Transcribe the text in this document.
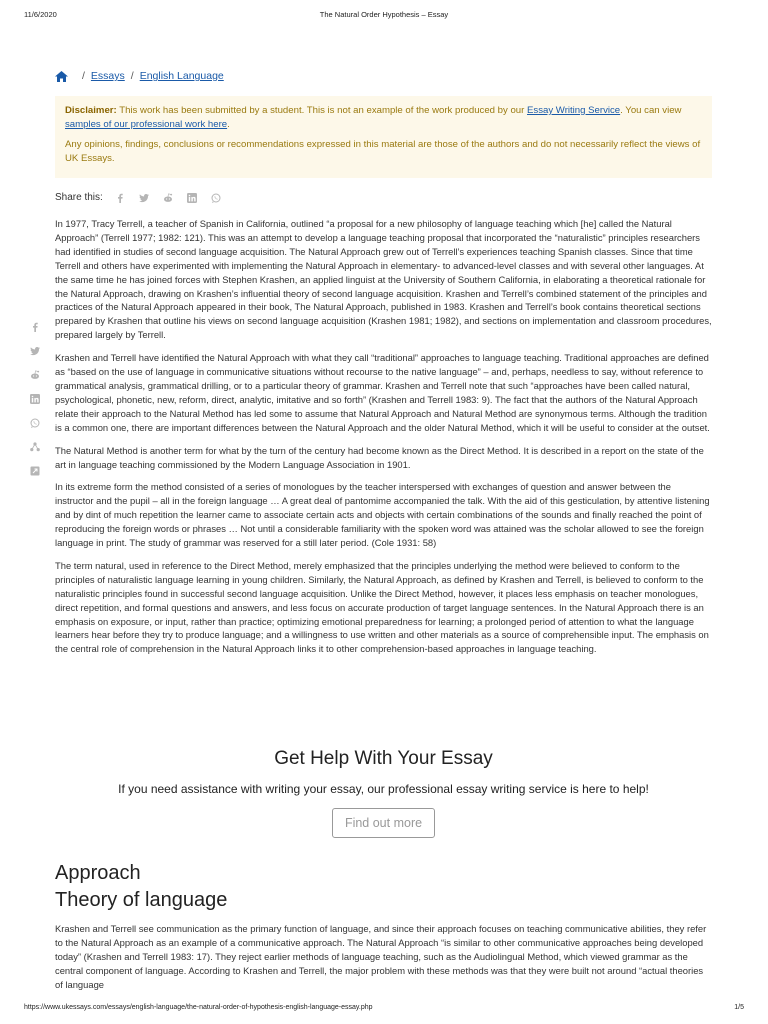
11/6/2020	The Natural Order Hypothesis – Essay
/ Essays / English Language

Disclaimer: This work has been submitted by a student. This is not an example of the work produced by our Essay Writing Service. You can view samples of our professional work here.

Any opinions, findings, conclusions or recommendations expressed in this material are those of the authors and do not necessarily reflect the views of UK Essays.

Share this:

In 1977, Tracy Terrell, a teacher of Spanish in California, outlined “a proposal for a new philosophy of language teaching which [he] called the Natural Approach” (Terrell 1977; 1982: 121). This was an attempt to develop a language teaching proposal that incorporated the “naturalistic” principles researchers had identified in studies of second language acquisition. The Natural Approach grew out of Terrell’s experiences teaching Spanish classes. Since that time Terrell and others have experimented with implementing the Natural Approach in elementary- to advanced-level classes and with several other languages. At the same time he has joined forces with Stephen Krashen, an applied linguist at the University of Southern California, in elaborating a theoretical rationale for the Natural Approach, drawing on Krashen’s influential theory of second language acquisition. Krashen and Terrell’s combined statement of the principles and practices of the Natural Approach appeared in their book, The Natural Approach, published in 1983. Krashen and Terrell’s book contains theoretical sections prepared by Krashen that outline his views on second language acquisition (Krashen 1981; 1982), and sections on implementation and classroom procedures, prepared largely by Terrell.

Krashen and Terrell have identified the Natural Approach with what they call “traditional” approaches to language teaching. Traditional approaches are defined as “based on the use of language in communicative situations without recourse to the native language” – and, perhaps, needless to say, without reference to grammatical analysis, grammatical drilling, or to a particular theory of grammar. Krashen and Terrell note that such “approaches have been called natural, psychological, phonetic, new, reform, direct, analytic, imitative and so forth” (Krashen and Terrell 1983: 9). The fact that the authors of the Natural Approach relate their approach to the Natural Method has led some to assume that Natural Approach and Natural Method are synonymous terms. Although the tradition is a common one, there are important differences between the Natural Approach and the older Natural Method, which it will be useful to consider at the outset.

The Natural Method is another term for what by the turn of the century had become known as the Direct Method. It is described in a report on the state of the art in language teaching commissioned by the Modern Language Association in 1901.

In its extreme form the method consisted of a series of monologues by the teacher interspersed with exchanges of question and answer between the instructor and the pupil – all in the foreign language … A great deal of pantomime accompanied the talk. With the aid of this gesticulation, by attentive listening and by dint of much repetition the learner came to associate certain acts and objects with certain combinations of the sounds and finally reached the point of reproducing the foreign words or phrases … Not until a considerable familiarity with the spoken word was attained was the scholar allowed to see the foreign language in print. The study of grammar was reserved for a still later period. (Cole 1931: 58)

The term natural, used in reference to the Direct Method, merely emphasized that the principles underlying the method were believed to conform to the principles of naturalistic language learning in young children. Similarly, the Natural Approach, as defined by Krashen and Terrell, is believed to conform to the naturalistic principles found in successful second language acquisition. Unlike the Direct Method, however, it places less emphasis on teacher monologues, direct repetition, and formal questions and answers, and less focus on accurate production of target language sentences. In the Natural Approach there is an emphasis on exposure, or input, rather than practice; optimizing emotional preparedness for learning; a prolonged period of attention to what the language learners hear before they try to produce language; and a willingness to use written and other materials as a source of comprehensible input. The emphasis on the central role of comprehension in the Natural Approach links it to other comprehension-based approaches in language teaching.

Get Help With Your Essay

If you need assistance with writing your essay, our professional essay writing service is here to help!

Find out more
Approach
Theory of language
Krashen and Terrell see communication as the primary function of language, and since their approach focuses on teaching communicative abilities, they refer to the Natural Approach as an example of a communicative approach. The Natural Approach “is similar to other communicative approaches being developed today” (Krashen and Terrell 1983: 17). They reject earlier methods of language teaching, such as the Audiolingual Method, which viewed grammar as the central component of language. According to Krashen and Terrell, the major problem with these methods was that they were built not around “actual theories of language
https://www.ukessays.com/essays/english-language/the-natural-order-of-hypothesis-english-language-essay.php	1/5
